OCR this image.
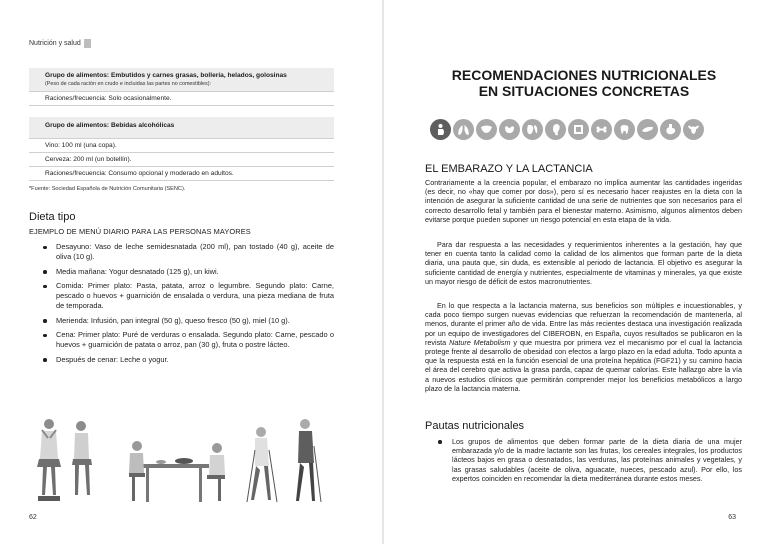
Nutrición y salud
Grupo de alimentos: Embutidos y carnes grasas, bollería, helados, golosinas
(Peso de cada ración en crudo e incluidas las partes no comestibles):
Raciones/frecuencia: Solo ocasionalmente.
Grupo de alimentos: Bebidas alcohólicas
Vino: 100 ml (una copa).
Cerveza: 200 ml (un botellín).
Raciones/frecuencia: Consumo opcional y moderado en adultos.
*Fuente: Sociedad Española de Nutrición Comunitaria (SENC).
Dieta tipo
EJEMPLO DE MENÚ DIARIO PARA LAS PERSONAS MAYORES
Desayuno: Vaso de leche semidesnatada (200 ml), pan tostado (40 g), aceite de oliva (10 g).
Media mañana: Yogur desnatado (125 g), un kiwi.
Comida: Primer plato: Pasta, patata, arroz o legumbre. Segundo plato: Carne, pescado o huevos + guarnición de ensalada o verdura, una pieza mediana de fruta de temporada.
Merienda: Infusión, pan integral (50 g), queso fresco (50 g), miel (10 g).
Cena: Primer plato: Puré de verduras o ensalada. Segundo plato: Carne, pescado o huevos + guarnición de patata o arroz, pan (30 g), fruta o postre lácteo.
Después de cenar: Leche o yogur.
62
RECOMENDACIONES NUTRICIONALES
EN SITUACIONES CONCRETAS
EL EMBARAZO Y LA LACTANCIA

Contrariamente a la creencia popular, el embarazo no implica aumentar las cantidades ingeridas (es decir, no «hay que comer por dos»), pero sí es necesario hacer reajustes en la dieta con la intención de asegurar la suficiente cantidad de una serie de nutrientes que son necesarios para el correcto desarrollo fetal y también para el bienestar materno. Asimismo, algunos alimentos deben evitarse porque pueden suponer un riesgo potencial en esta etapa de la vida.

Para dar respuesta a las necesidades y requerimientos inherentes a la gestación, hay que tener en cuenta tanto la calidad como la calidad de los alimentos que forman parte de la dieta diaria, una pauta que, sin duda, es extensible al periodo de lactancia. El objetivo es asegurar la suficiente cantidad de energía y nutrientes, especialmente de vitaminas y minerales, ya que existe un mayor riesgo de déficit de estos macronutrientes.

En lo que respecta a la lactancia materna, sus beneficios son múltiples e incuestionables, y cada poco tiempo surgen nuevas evidencias que refuerzan la recomendación de mantenerla, al menos, durante el primer año de vida. Entre las más recientes destaca una investigación realizada por un equipo de investigadores del CIBEROBN, en España, cuyos resultados se publicaron en la revista Nature Metabolism y que muestra por primera vez el mecanismo por el cual la lactancia protege frente al desarrollo de obesidad con efectos a largo plazo en la edad adulta. Todo apunta a que la respuesta está en la función esencial de una proteína hepática (FGF21) y su camino hacia el área del cerebro que activa la grasa parda, capaz de quemar calorías. Este hallazgo abre la vía a nuevos estudios clínicos que permitirán comprender mejor los beneficios metabólicos a largo plazo de la lactancia materna.

Pautas nutricionales
Los grupos de alimentos que deben formar parte de la dieta diaria de una mujer embarazada y/o de la madre lactante son las frutas, los cereales integrales, los productos lácteos bajos en grasa o desnatados, las verduras, las proteínas animales y vegetales, y las grasas saludables (aceite de oliva, aguacate, nueces, pescado azul). Por ello, los expertos coinciden en recomendar la dieta mediterránea durante estos meses.
63
